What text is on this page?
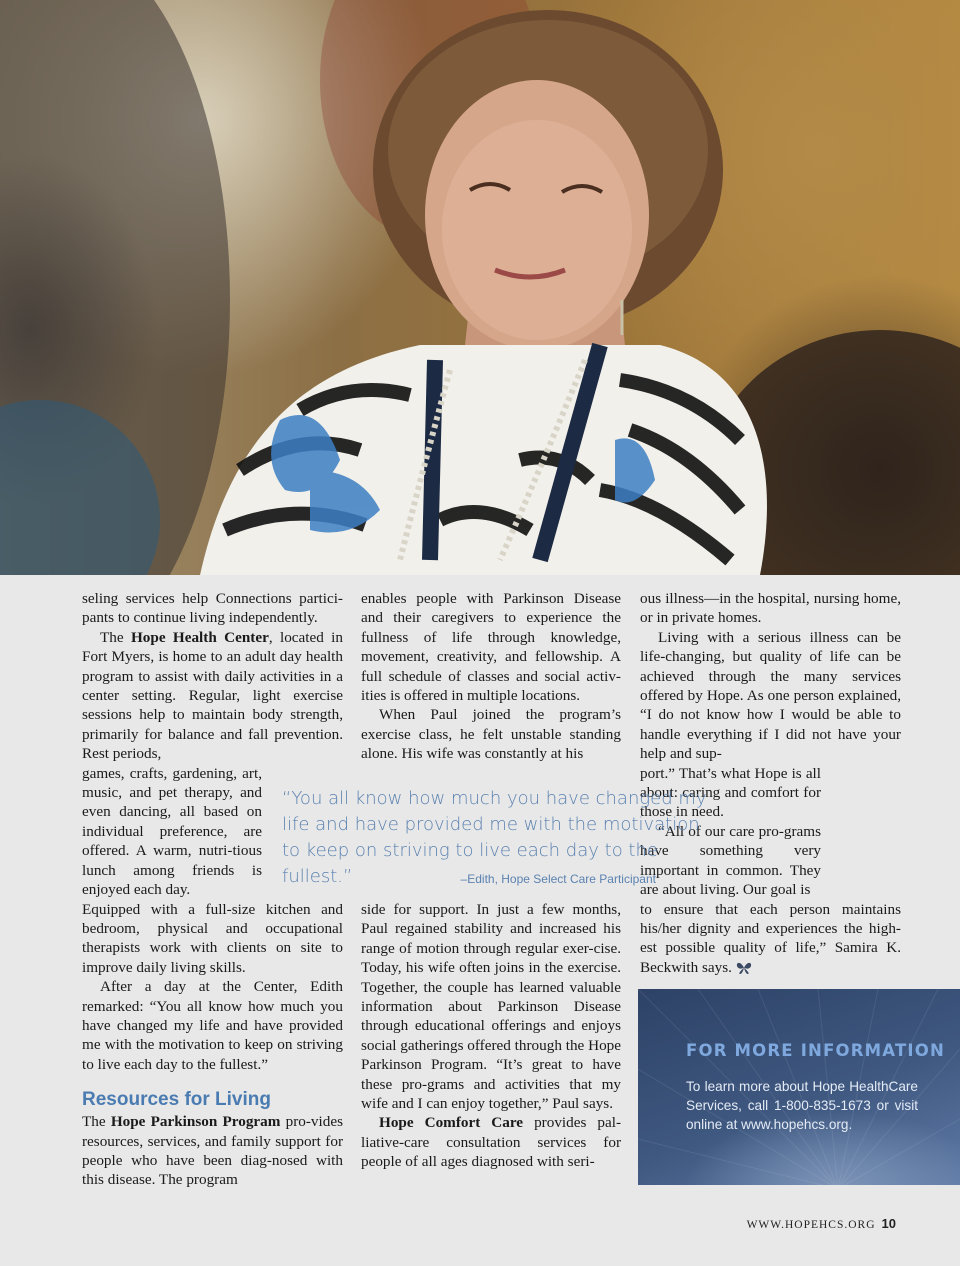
seling services help Connections partici-pants to continue living independently.

The Hope Health Center, located in Fort Myers, is home to an adult day health program to assist with daily activities in a center setting. Regular, light exercise sessions help to maintain body strength, primarily for balance and fall prevention. Rest periods,

games, crafts, gardening, art, music, and pet therapy, and even dancing, all based on individual preference, are offered. A warm, nutri-tious lunch among friends is enjoyed each day.

Equipped with a full-size kitchen and bedroom, physical and occupational therapists work with clients on site to improve daily living skills.

After a day at the Center, Edith remarked: “You all know how much you have changed my life and have provided me with the motivation to keep on striving to live each day to the fullest.”

Resources for Living

The Hope Parkinson Program pro-vides resources, services, and family support for people who have been diag-nosed with this disease. The program

enables people with Parkinson Disease and their caregivers to experience the fullness of life through knowledge, movement, creativity, and fellowship. A full schedule of classes and social activ-ities is offered in multiple locations.

When Paul joined the program’s exercise class, he felt unstable standing alone. His wife was constantly at his

side for support. In just a few months, Paul regained stability and increased his range of motion through regular exer-cise. Today, his wife often joins in the exercise. Together, the couple has learned valuable information about Parkinson Disease through educational offerings and enjoys social gatherings offered through the Hope Parkinson Program. “It’s great to have these pro-grams and activities that my wife and I can enjoy together,” Paul says.

Hope Comfort Care provides pal-liative-care consultation services for people of all ages diagnosed with seri-

ous illness—in the hospital, nursing home, or in private homes.

Living with a serious illness can be life-changing, but quality of life can be achieved through the many services offered by Hope. As one person explained, “I do not know how I would be able to handle everything if I did not have your help and sup-

port.” That’s what Hope is all about: caring and comfort for those in need.

“All of our care pro-grams have something very important in common. They are about living. Our goal is

to ensure that each person maintains his/her dignity and experiences the high-est possible quality of life,” Samira K. Beckwith says.

“You all know how much you have changed my life and have provided me with the motivation to keep on striving to live each day to the fullest.”	–Edith, Hope Select Care Participant
FOR MORE INFORMATION
To learn more about Hope HealthCare Services, call 1-800-835-1673 or visit online at www.hopehcs.org.
WWW.HOPEHCS.ORG 10
